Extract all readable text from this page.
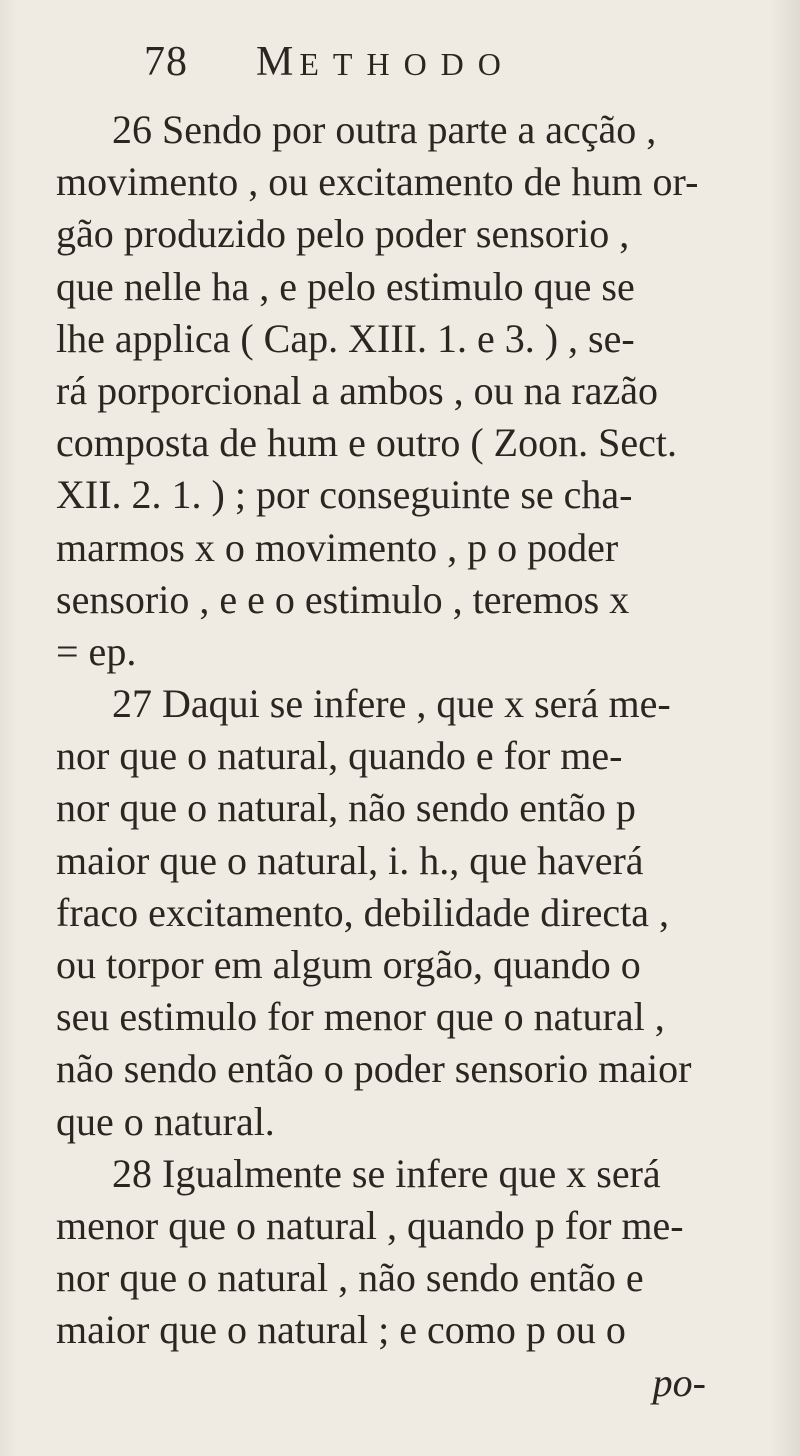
78	METHODO
26 Sendo por outra parte a acção ,
movimento , ou excitamento de hum or-
gão produzido pelo poder sensorio ,
que nelle ha , e pelo estimulo que se
lhe applica ( Cap. XIII. 1. e 3. ) , se-
rá porporcional a ambos , ou na razão
composta de hum e outro ( Zoon. Sect.
XII. 2. 1. ) ; por conseguinte se cha-
marmos x o movimento , p o poder
sensorio , e e o estimulo , teremos x
= ep.
27 Daqui se infere , que x será me-
nor que o natural, quando e for me-
nor que o natural, não sendo então p
maior que o natural, i. h., que haverá
fraco excitamento, debilidade directa ,
ou torpor em algum orgão, quando o
seu estimulo for menor que o natural ,
não sendo então o poder sensorio maior
que o natural.
28 Igualmente se infere que x será
menor que o natural , quando p for me-
nor que o natural , não sendo então e
maior que o natural ; e como p ou o
po-
